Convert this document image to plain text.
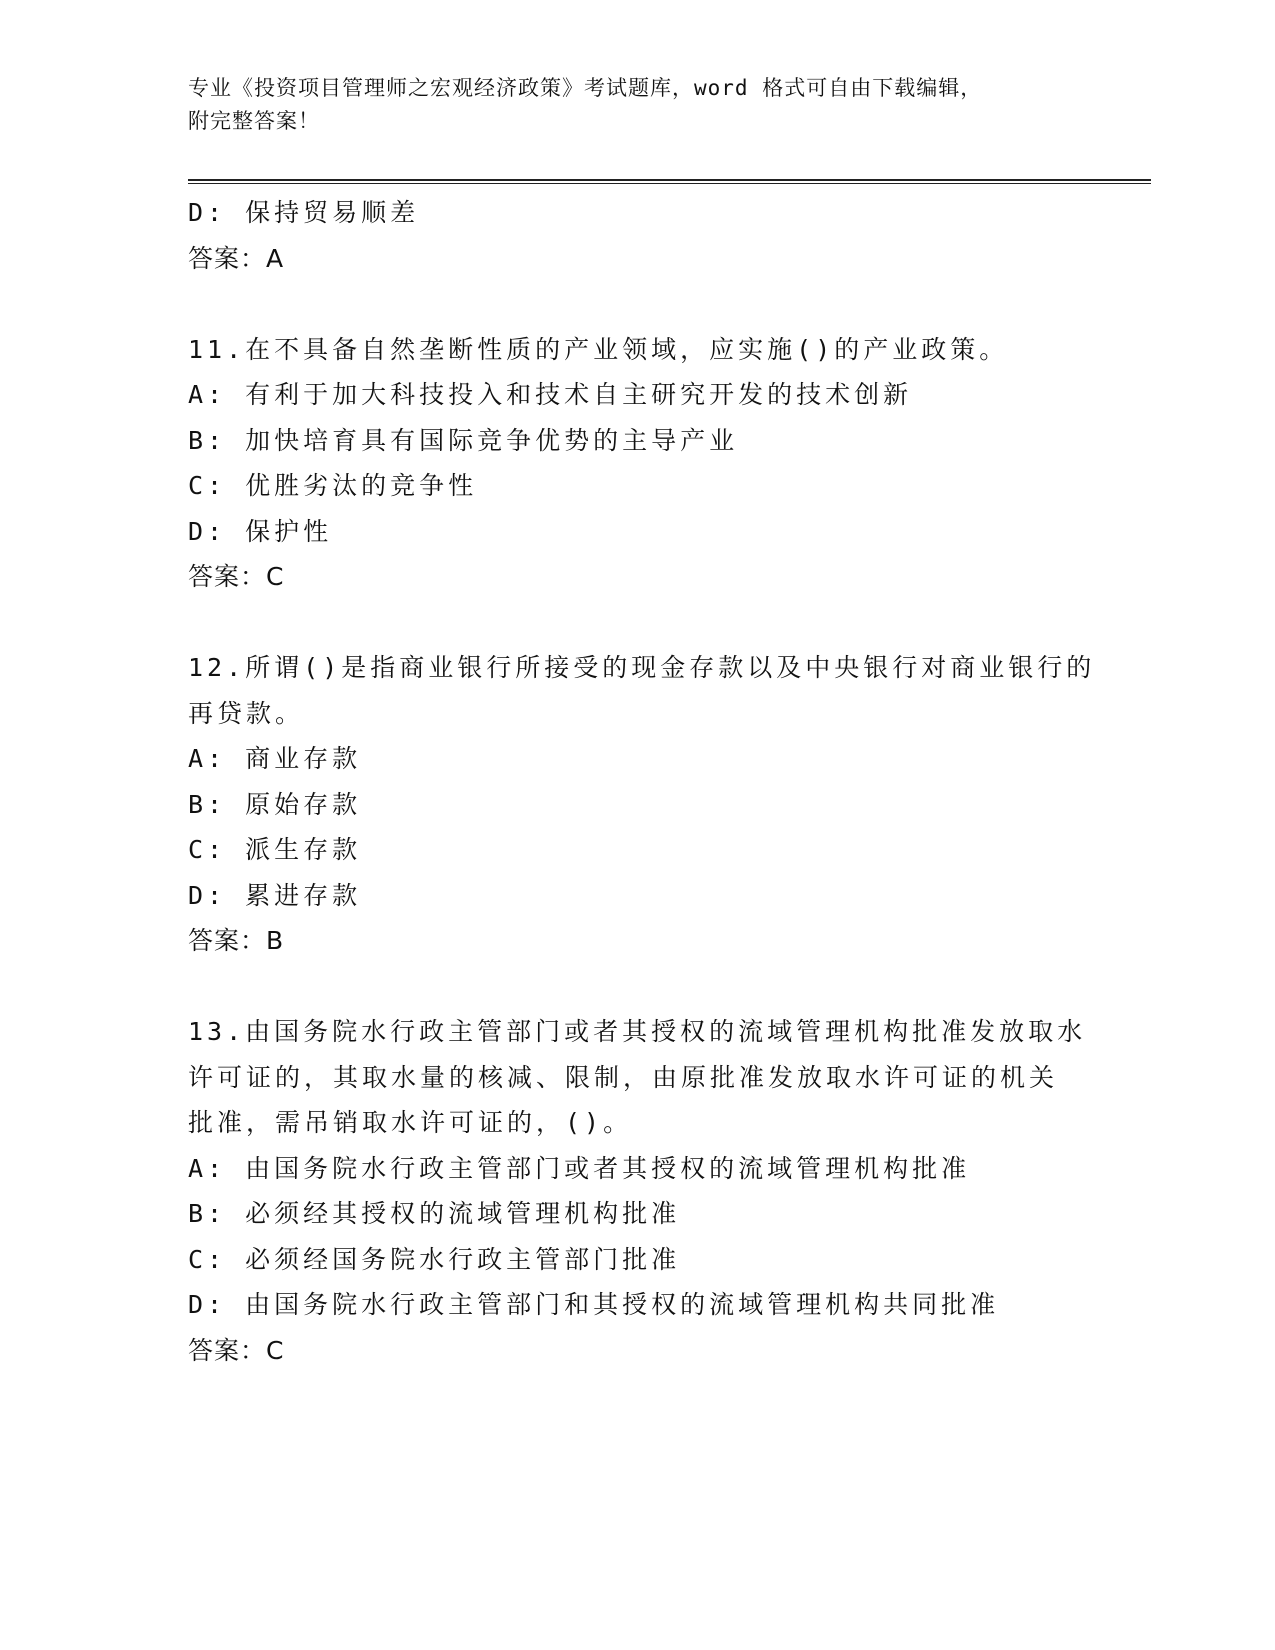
专业《投资项目管理师之宏观经济政策》考试题库，word 格式可自由下载编辑，
附完整答案！
D: 保持贸易顺差
答案：A
11.在不具备自然垄断性质的产业领域，应实施()的产业政策。
A: 有利于加大科技投入和技术自主研究开发的技术创新
B: 加快培育具有国际竞争优势的主导产业
C: 优胜劣汰的竞争性
D: 保护性
答案：C
12.所谓()是指商业银行所接受的现金存款以及中央银行对商业银行的
再贷款。
A: 商业存款
B: 原始存款
C: 派生存款
D: 累进存款
答案：B
13.由国务院水行政主管部门或者其授权的流域管理机构批准发放取水
许可证的，其取水量的核减、限制，由原批准发放取水许可证的机关
批准，需吊销取水许可证的，()。
A: 由国务院水行政主管部门或者其授权的流域管理机构批准
B: 必须经其授权的流域管理机构批准
C: 必须经国务院水行政主管部门批准
D: 由国务院水行政主管部门和其授权的流域管理机构共同批准
答案：C
